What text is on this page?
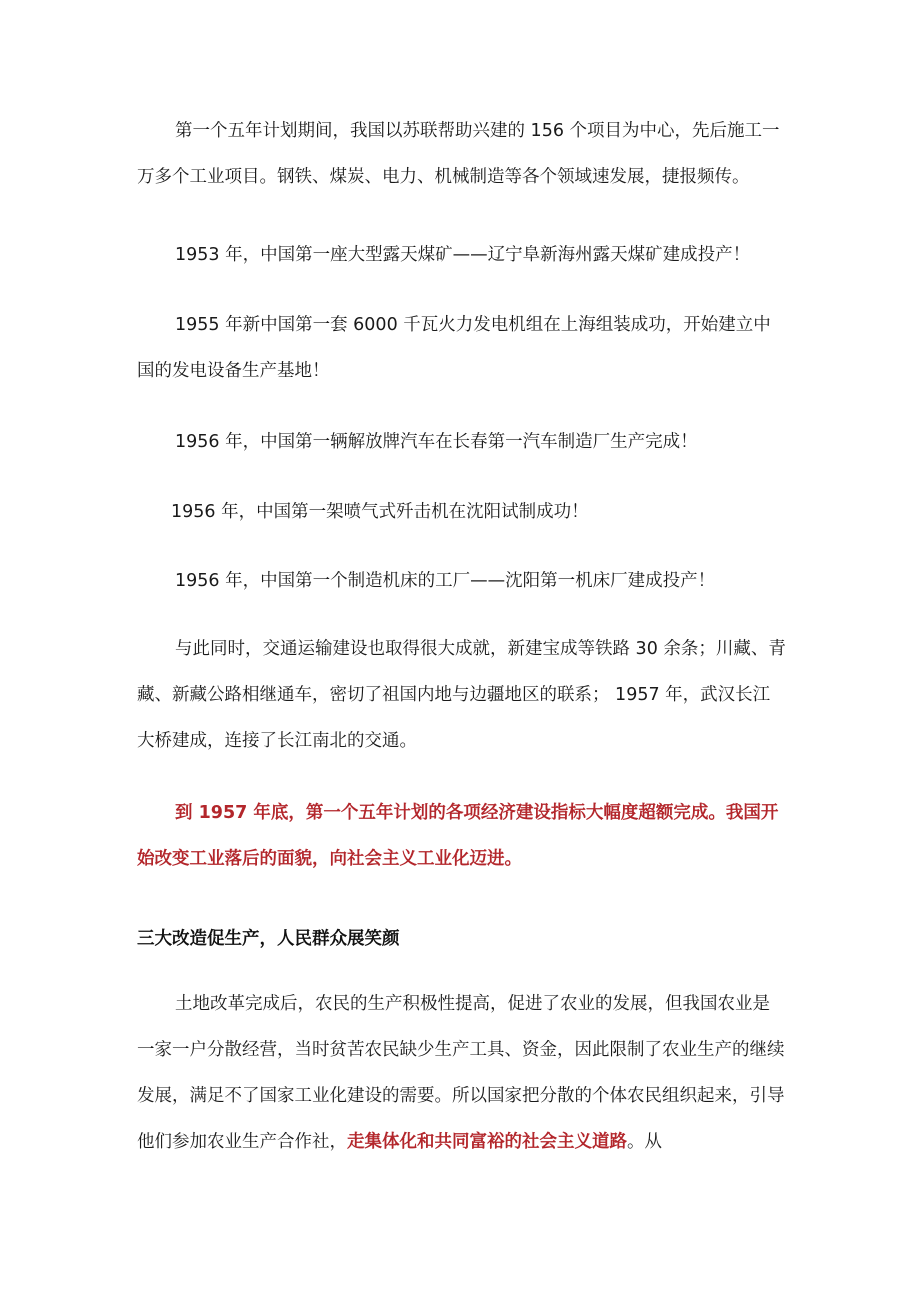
第一个五年计划期间，我国以苏联帮助兴建的 156 个项目为中心，先后施工一万多个工业项目。钢铁、煤炭、电力、机械制造等各个领域速发展，捷报频传。

1953 年，中国第一座大型露天煤矿——辽宁阜新海州露天煤矿建成投产！

1955 年新中国第一套 6000 千瓦火力发电机组在上海组装成功，开始建立中国的发电设备生产基地！

1956 年，中国第一辆解放牌汽车在长春第一汽车制造厂生产完成！

1956 年，中国第一架喷气式歼击机在沈阳试制成功！

1956 年，中国第一个制造机床的工厂——沈阳第一机床厂建成投产！

与此同时，交通运输建设也取得很大成就，新建宝成等铁路 30 余条；川藏、青藏、新藏公路相继通车，密切了祖国内地与边疆地区的联系； 1957 年，武汉长江大桥建成，连接了长江南北的交通。

到 1957 年底，第一个五年计划的各项经济建设指标大幅度超额完成。我国开始改变工业落后的面貌，向社会主义工业化迈进。

三大改造促生产，人民群众展笑颜

土地改革完成后，农民的生产积极性提高，促进了农业的发展，但我国农业是一家一户分散经营，当时贫苦农民缺少生产工具、资金，因此限制了农业生产的继续发展，满足不了国家工业化建设的需要。所以国家把分散的个体农民组织起来，引导他们参加农业生产合作社，走集体化和共同富裕的社会主义道路。从
